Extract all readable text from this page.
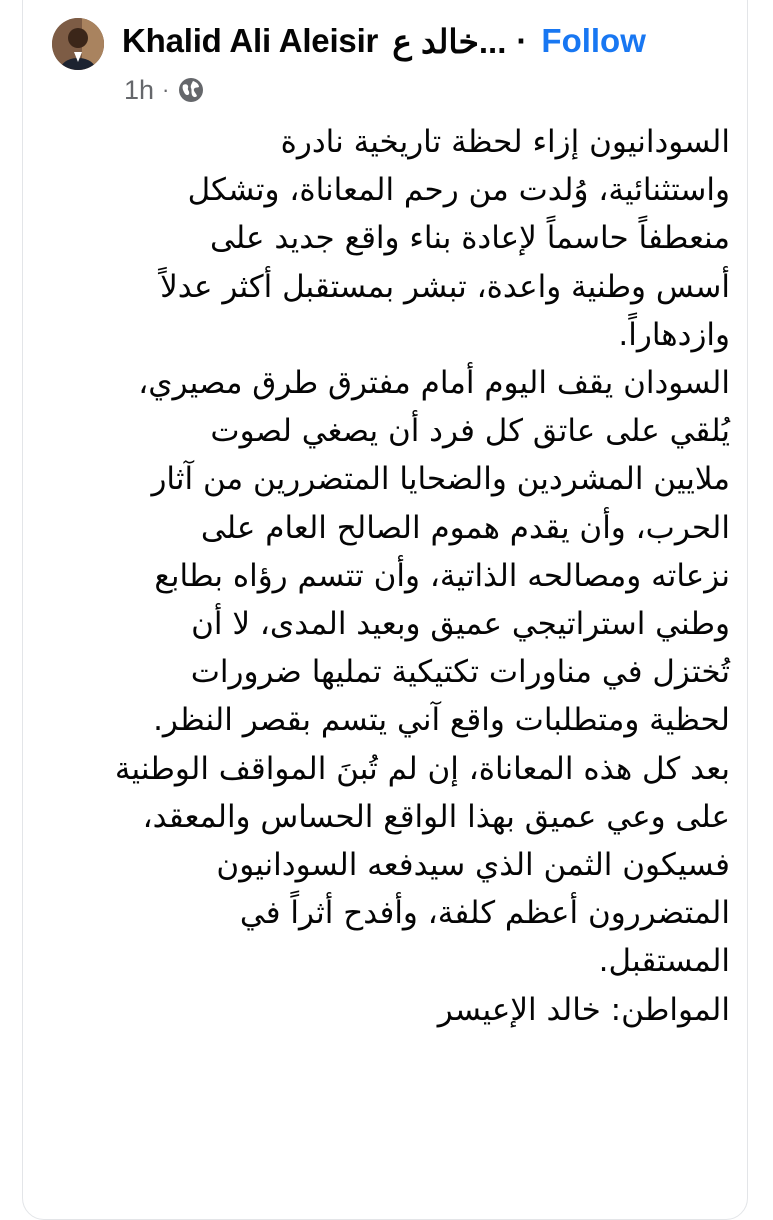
Khalid Ali Aleisir خالد ع... · Follow
1h ·

السودانيون إزاء لحظة تاريخية نادرة
واستثنائية، وُلدت من رحم المعاناة، وتشكل
منعطفاً حاسماً لإعادة بناء واقع جديد على
أسس وطنية واعدة، تبشر بمستقبل أكثر عدلاً
وازدهاراً.

السودان يقف اليوم أمام مفترق طرق مصيري،
يُلقي على عاتق كل فرد أن يصغي لصوت
ملايين المشردين والضحايا المتضررين من آثار
الحرب، وأن يقدم هموم الصالح العام على
نزعاته ومصالحه الذاتية، وأن تتسم رؤاه بطابع
وطني استراتيجي عميق وبعيد المدى، لا أن
تُختزل في مناورات تكتيكية تمليها ضرورات
لحظية ومتطلبات واقع آني يتسم بقصر النظر.

بعد كل هذه المعاناة، إن لم تُبنَ المواقف الوطنية
على وعي عميق بهذا الواقع الحساس والمعقد،
فسيكون الثمن الذي سيدفعه السودانيون
المتضررون أعظم كلفة، وأفدح أثراً في
المستقبل.

المواطن: خالد الإعيسر
